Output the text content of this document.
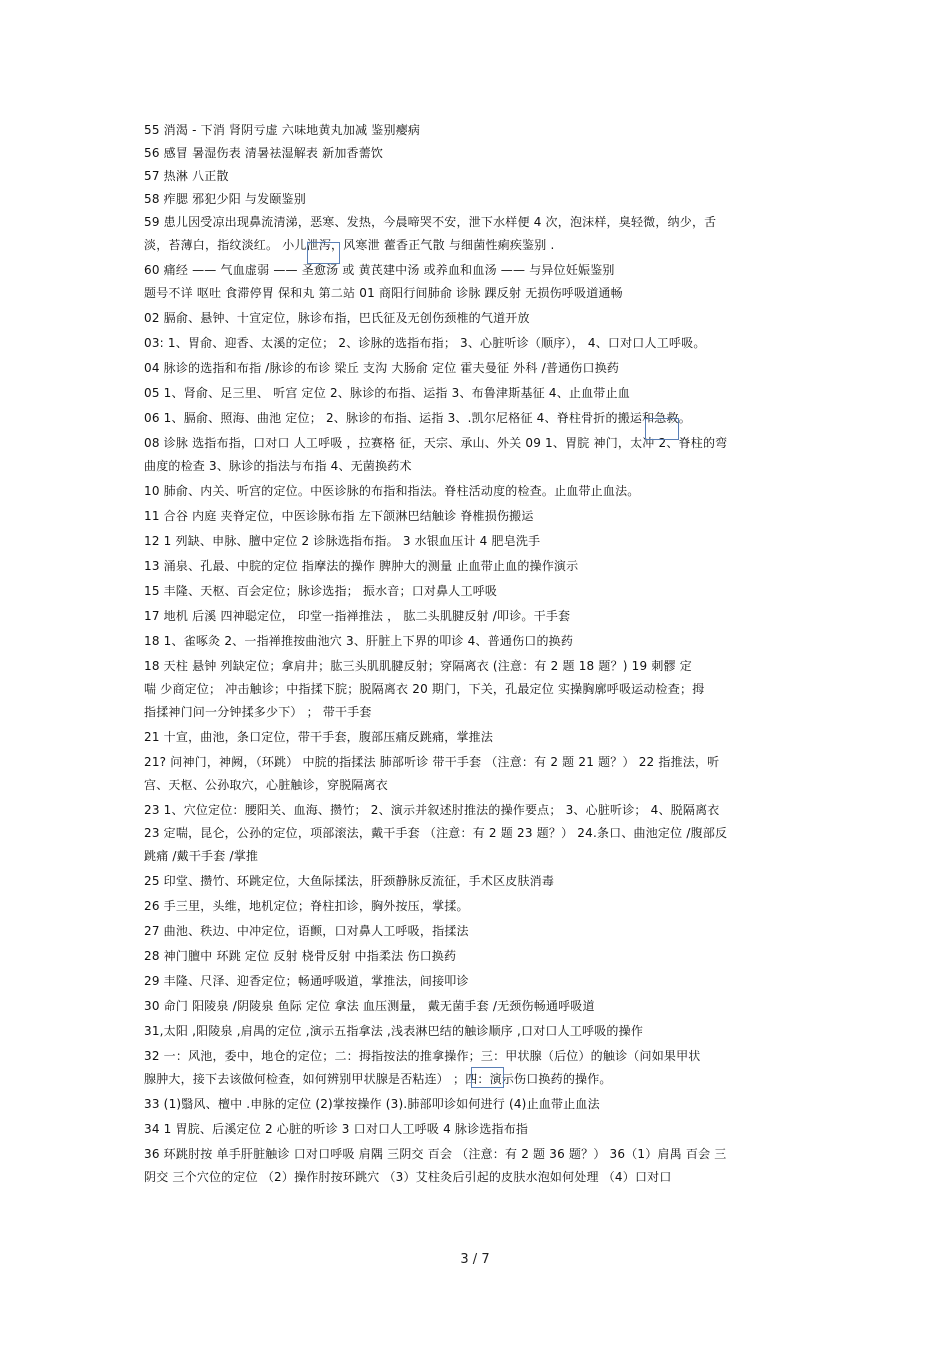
55 消渴 - 下消 肾阴亏虚 六味地黄丸加减 鉴别瘿病
56 感冒 暑湿伤表 清暑祛湿解表 新加香薷饮
57 热淋 八正散
58 痄腮 邪犯少阳 与发颐鉴别
59 患儿因受凉出现鼻流清涕，恶寒、发热，今晨啼哭不安，泄下水样便 4 次，泡沫样，臭轻微，纳少，舌
淡，苔薄白，指纹淡红。 小儿泄泻，风寒泄 藿香正气散 与细菌性痢疾鉴别 .
60 痛经 —— 气血虚弱 —— 圣愈汤 或 黄芪建中汤 或养血和血汤 —— 与异位妊娠鉴别
题号不详 呕吐 食滞停胃 保和丸 第二站 01 商阳行间肺俞 诊脉 踝反射 无损伤呼吸道通畅
02 膈俞、悬钟、十宣定位，脉诊布指，巴氏征及无创伤颈椎的气道开放
03: 1、胃俞、迎香、太溪的定位； 2、诊脉的选指布指； 3、心脏听诊（顺序）， 4、口对口人工呼吸。
04 脉诊的选指和布指 /脉诊的布诊 梁丘 支沟 大肠俞 定位 霍夫曼征 外科 /普通伤口换药
05 1、肾俞、足三里、 听宫 定位 2、脉诊的布指、运指 3、布鲁津斯基征 4、止血带止血
06 1、膈俞、照海、曲池 定位； 2、脉诊的布指、运指 3、.凯尔尼格征 4、脊柱骨折的搬运和急救。
08 诊脉 选指布指，口对口 人工呼吸 ，拉赛格 征，天宗、承山、外关 09 1、胃脘 神门，太冲 2、脊柱的弯
曲度的检查 3、脉诊的指法与布指 4、无菌换药术
10 肺俞、内关、听宫的定位。中医诊脉的布指和指法。脊柱活动度的检查。止血带止血法。
11 合谷 内庭 夹脊定位，中医诊脉布指 左下颌淋巴结触诊 脊椎损伤搬运
12 1 列缺、申脉、膻中定位 2 诊脉选指布指。 3 水银血压计 4 肥皂洗手
13 涌泉、孔最、中脘的定位 指摩法的操作 脾肿大的测量 止血带止血的操作演示
15 丰隆、天枢、百会定位；脉诊选指； 振水音；口对鼻人工呼吸
17 地机 后溪 四神聪定位， 印堂一指禅推法 ， 肱二头肌腱反射 /叩诊。干手套
18 1、雀啄灸 2、一指禅推按曲池穴 3、肝脏上下界的叩诊 4、普通伤口的换药
18 天柱 悬钟 列缺定位；拿肩井；肱三头肌肌腱反射；穿隔离衣 (注意：有 2 题 18 题？) 19 刺髎 定
喘 少商定位； 冲击触诊；中指揉下脘；脱隔离衣 20 期门，下关，孔最定位 实操胸廓呼吸运动检查；拇
指揉神门问一分钟揉多少下） ； 带干手套
21 十宣，曲池，条口定位，带干手套，腹部压痛反跳痛，掌推法
21? 问神门，神阙，（环跳） 中脘的指揉法 肺部听诊 带干手套 （注意：有 2 题 21 题？） 22 指推法，听
宫、天枢、公孙取穴，心脏触诊，穿脱隔离衣
23 1、穴位定位：腰阳关、血海、攒竹； 2、演示并叙述肘推法的操作要点； 3、心脏听诊； 4、脱隔离衣
23 定喘，昆仑，公孙的定位，项部滚法，戴干手套 （注意：有 2 题 23 题？） 24.条口、曲池定位 /腹部反
跳痛 /戴干手套 /掌推
25 印堂、攒竹、环跳定位，大鱼际揉法，肝颈静脉反流征，手术区皮肤消毒
26 手三里，头维，地机定位；脊柱扣诊，胸外按压，掌揉。
27 曲池、秩边、中冲定位，语颤，口对鼻人工呼吸，指揉法
28 神门膻中 环跳 定位 反射 桡骨反射 中指柔法 伤口换药
29 丰隆、尺泽、迎香定位；畅通呼吸道，掌推法，间接叩诊
30 命门 阳陵泉 /阴陵泉 鱼际 定位 拿法 血压测量， 戴无菌手套 /无颈伤畅通呼吸道
31,太阳 ,阳陵泉 ,肩禺的定位 ,演示五指拿法 ,浅表淋巴结的触诊顺序 ,口对口人工呼吸的操作
32 一：风池，委中，地仓的定位；二：拇指按法的推拿操作；三：甲状腺（后位）的触诊（问如果甲状
腺肿大，接下去该做何检查，如何辨别甲状腺是否粘连） ；四：演示伤口换药的操作。
33 (1)翳风、檀中 .申脉的定位 (2)掌按操作 (3).肺部叩诊如何进行 (4)止血带止血法
34 1 胃脘、后溪定位 2 心脏的听诊 3 口对口人工呼吸 4 脉诊选指布指
36 环跳肘按 单手肝脏触诊 口对口呼吸 肩隅 三阴交 百会 （注意：有 2 题 36 题？） 36（1）肩禺 百会 三
阴交 三个穴位的定位 （2）操作肘按环跳穴 （3）艾柱灸后引起的皮肤水泡如何处理 （4）口对口
3 / 7
